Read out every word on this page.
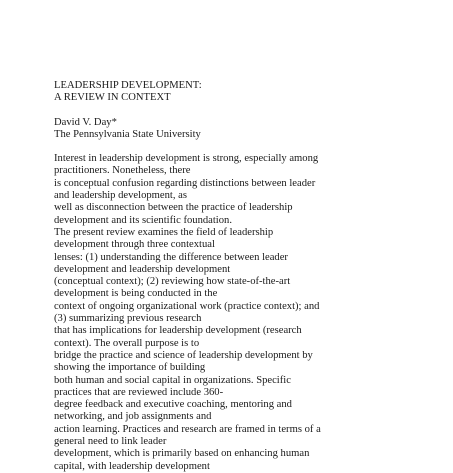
LEADERSHIP DEVELOPMENT:
A REVIEW IN CONTEXT
David V. Day*
The Pennsylvania State University
Interest in leadership development is strong, especially among
practitioners. Nonetheless, there
is conceptual confusion regarding distinctions between leader
and leadership development, as
well as disconnection between the practice of leadership
development and its scientific foundation.
The present review examines the field of leadership
development through three contextual
lenses: (1) understanding the difference between leader
development and leadership development
(conceptual context); (2) reviewing how state-of-the-art
development is being conducted in the
context of ongoing organizational work (practice context); and
(3) summarizing previous research
that has implications for leadership development (research
context). The overall purpose is to
bridge the practice and science of leadership development by
showing the importance of building
both human and social capital in organizations. Specific
practices that are reviewed include 360-
degree feedback and executive coaching, mentoring and
networking, and job assignments and
action learning. Practices and research are framed in terms of a
general need to link leader
development, which is primarily based on enhancing human
capital, with leadership development
